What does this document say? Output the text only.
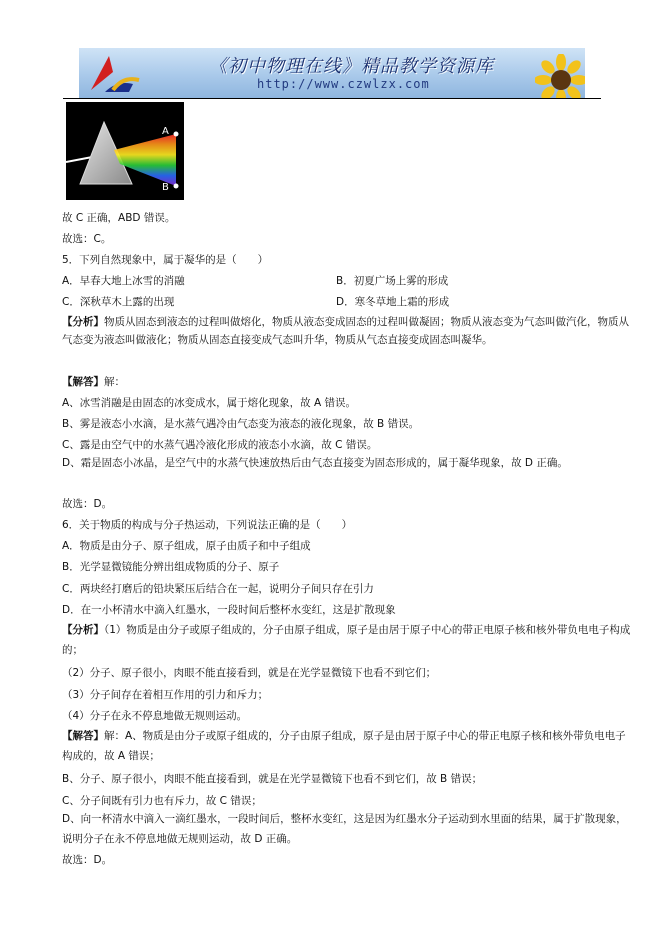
《初中物理在线》精品教学资源库
http://www.czwlzx.com
A
B
故 C 正确，ABD 错误。
故选：C。
5．下列自然现象中，属于凝华的是（　　）
A．早春大地上冰雪的消融	B．初夏广场上雾的形成
C．深秋草木上露的出现	D．寒冬草地上霜的形成
【分析】物质从固态到液态的过程叫做熔化，物质从液态变成固态的过程叫做凝固；物质从液态变为气态叫做汽化，物质从气态变为液态叫做液化；物质从固态直接变成气态叫升华，物质从气态直接变成固态叫凝华。
【解答】解：
A、冰雪消融是由固态的冰变成水，属于熔化现象，故 A 错误。
B、雾是液态小水滴，是水蒸气遇冷由气态变为液态的液化现象，故 B 错误。
C、露是由空气中的水蒸气遇冷液化形成的液态小水滴，故 C 错误。
D、霜是固态小冰晶，是空气中的水蒸气快速放热后由气态直接变为固态形成的，属于凝华现象，故 D 正确。
故选：D。
6．关于物质的构成与分子热运动，下列说法正确的是（　　）
A．物质是由分子、原子组成，原子由质子和中子组成
B．光学显微镜能分辨出组成物质的分子、原子
C．两块经打磨后的铅块紧压后结合在一起，说明分子间只存在引力
D．在一小杯清水中滴入红墨水，一段时间后整杯水变红，这是扩散现象
【分析】（1）物质是由分子或原子组成的，分子由原子组成，原子是由居于原子中心的带正电原子核和核外带负电电子构成的；
（2）分子、原子很小，肉眼不能直接看到，就是在光学显微镜下也看不到它们；
（3）分子间存在着相互作用的引力和斥力；
（4）分子在永不停息地做无规则运动。
【解答】解：A、物质是由分子或原子组成的，分子由原子组成，原子是由居于原子中心的带正电原子核和核外带负电电子构成的，故 A 错误；
B、分子、原子很小，肉眼不能直接看到，就是在光学显微镜下也看不到它们，故 B 错误；
C、分子间既有引力也有斥力，故 C 错误；
D、向一杯清水中滴入一滴红墨水，一段时间后，整杯水变红，这是因为红墨水分子运动到水里面的结果，属于扩散现象，说明分子在永不停息地做无规则运动，故 D 正确。
故选：D。
